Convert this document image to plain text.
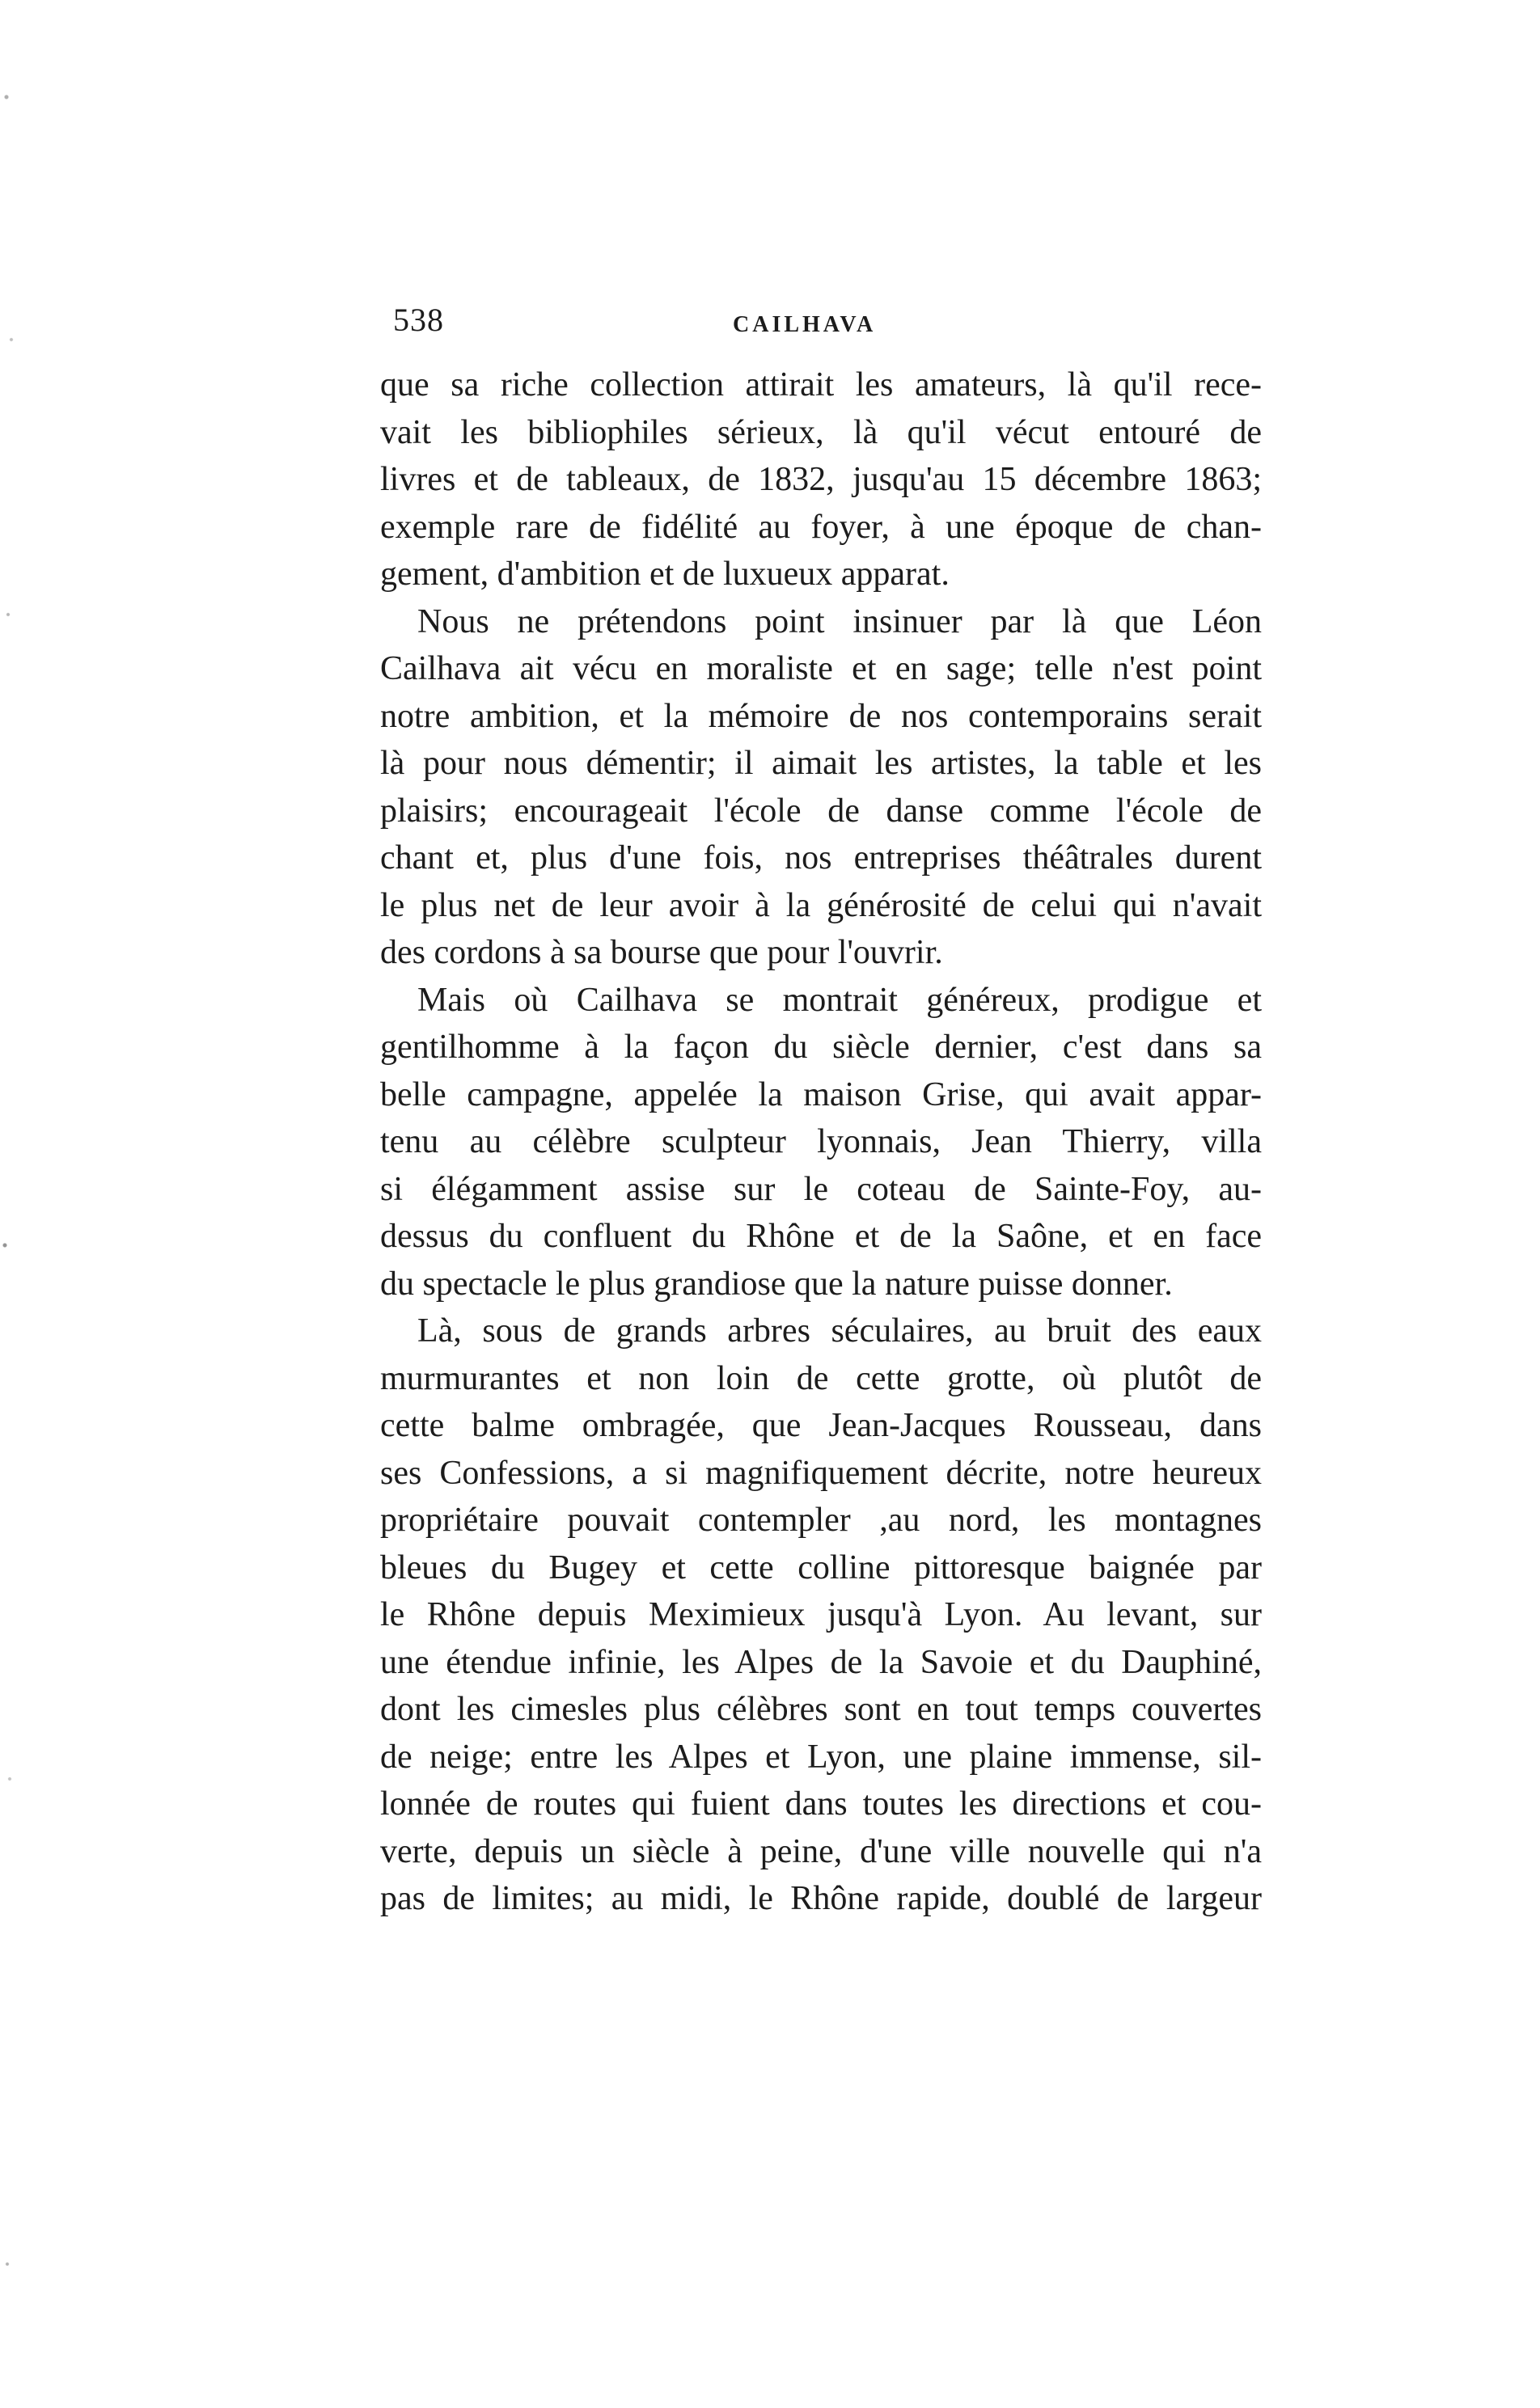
538	CAILHAVA
que sa riche collection attirait les amateurs, là qu'il rece-
vait les bibliophiles sérieux, là qu'il vécut entouré de
livres et de tableaux, de 1832, jusqu'au 15 décembre 1863;
exemple rare de fidélité au foyer, à une époque de chan-
gement, d'ambition et de luxueux apparat.
Nous ne prétendons point insinuer par là que Léon
Cailhava ait vécu en moraliste et en sage; telle n'est point
notre ambition, et la mémoire de nos contemporains serait
là pour nous démentir; il aimait les artistes, la table et les
plaisirs; encourageait l'école de danse comme l'école de
chant et, plus d'une fois, nos entreprises théâtrales durent
le plus net de leur avoir à la générosité de celui qui n'avait
des cordons à sa bourse que pour l'ouvrir.
Mais où Cailhava se montrait généreux, prodigue et
gentilhomme à la façon du siècle dernier, c'est dans sa
belle campagne, appelée la maison Grise, qui avait appar-
tenu au célèbre sculpteur lyonnais, Jean Thierry, villa
si élégamment assise sur le coteau de Sainte-Foy, au-
dessus du confluent du Rhône et de la Saône, et en face
du spectacle le plus grandiose que la nature puisse donner.
Là, sous de grands arbres séculaires, au bruit des eaux
murmurantes et non loin de cette grotte, où plutôt de
cette balme ombragée, que Jean-Jacques Rousseau, dans
ses Confessions, a si magnifiquement décrite, notre heureux
propriétaire pouvait contempler ,au nord, les montagnes
bleues du Bugey et cette colline pittoresque baignée par
le Rhône depuis Meximieux jusqu'à Lyon. Au levant, sur
une étendue infinie, les Alpes de la Savoie et du Dauphiné,
dont les cimesles plus célèbres sont en tout temps couvertes
de neige; entre les Alpes et Lyon, une plaine immense, sil-
lonnée de routes qui fuient dans toutes les directions et cou-
verte, depuis un siècle à peine, d'une ville nouvelle qui n'a
pas de limites; au midi, le Rhône rapide, doublé de largeur
